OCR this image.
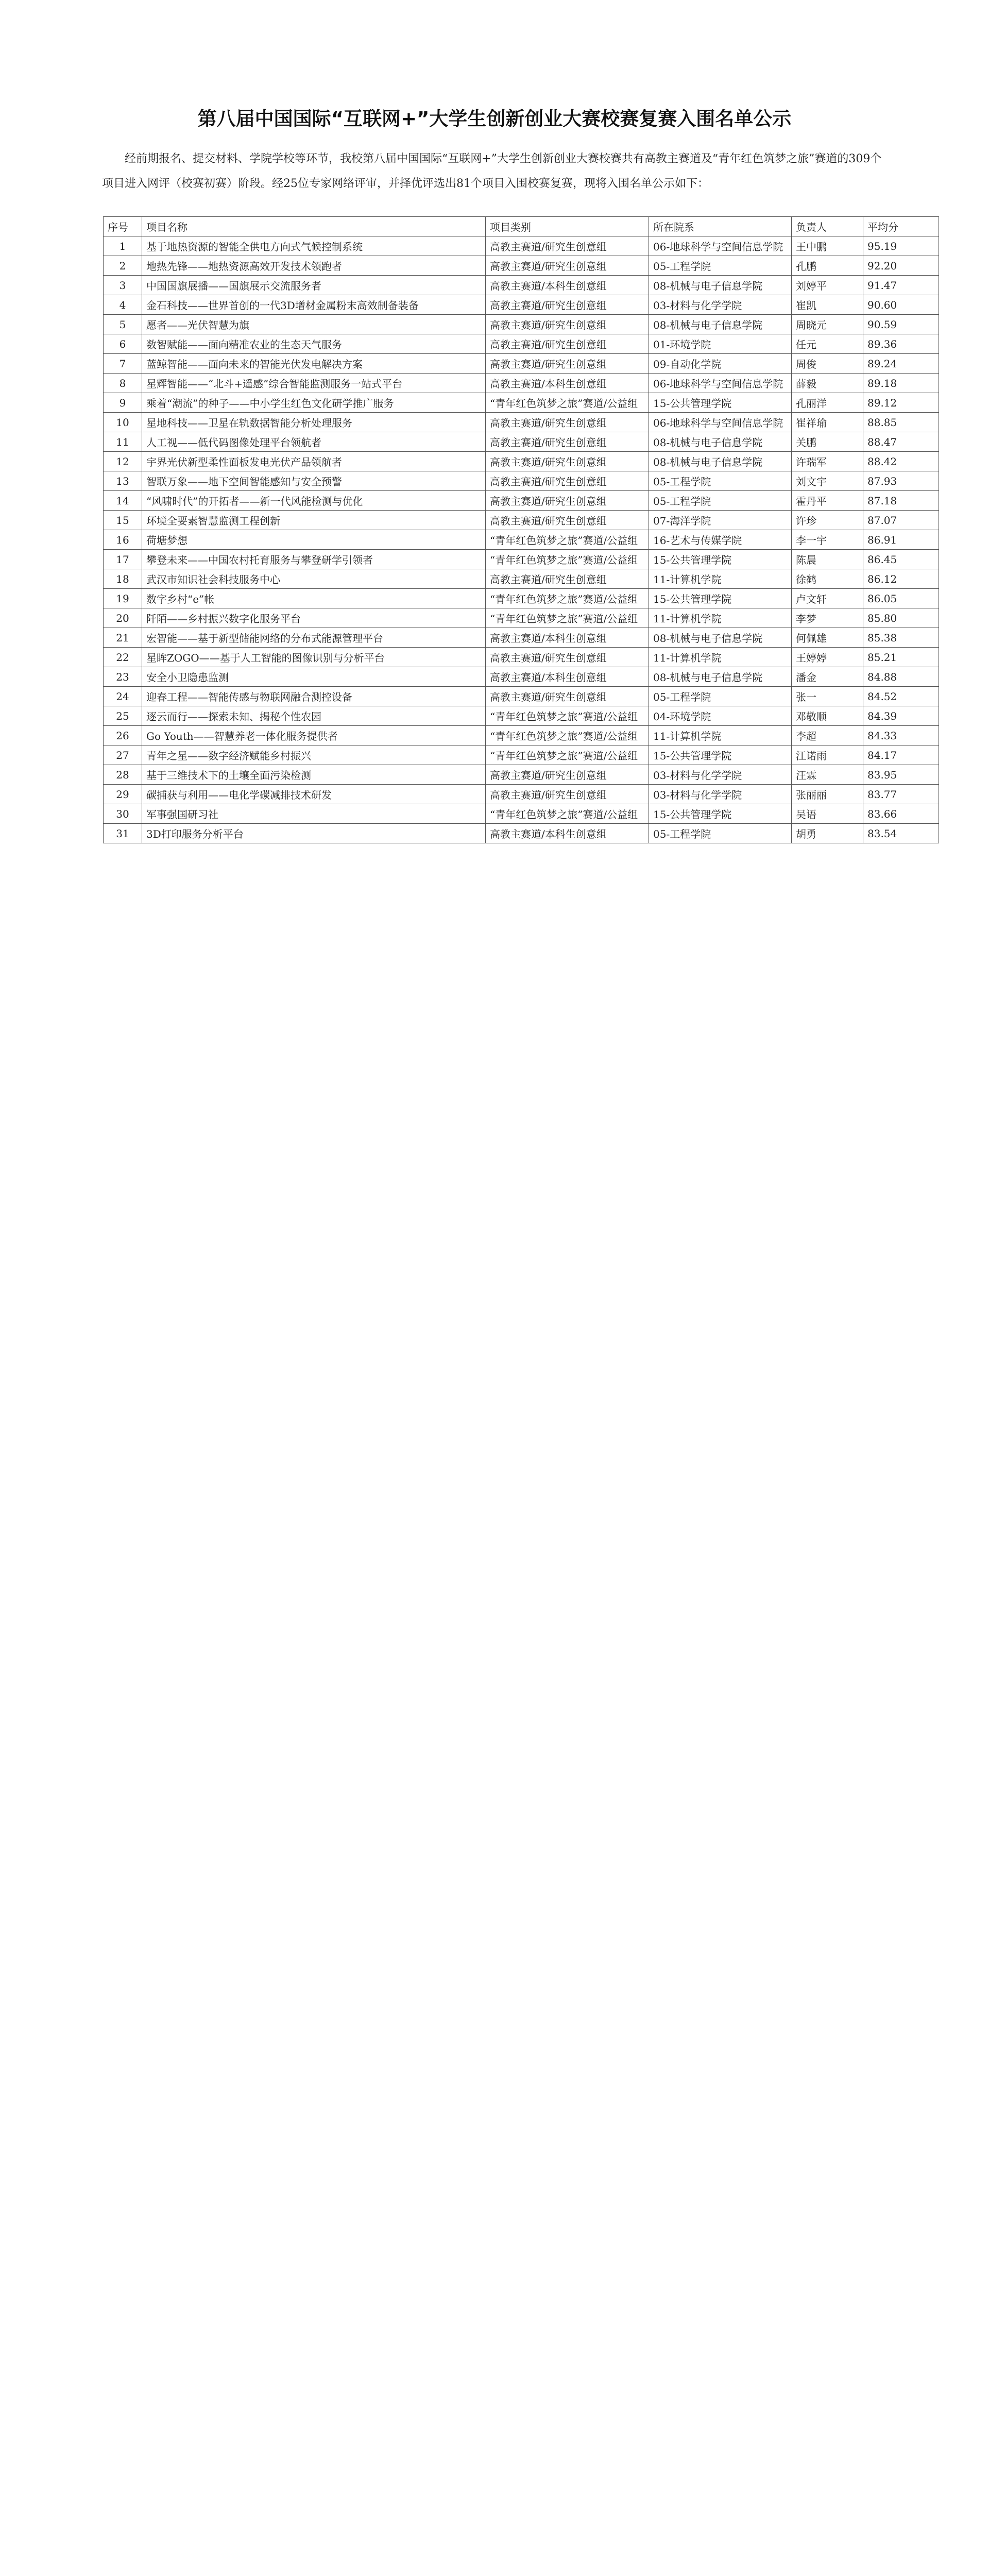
第八届中国国际“互联网+”大学生创新创业大赛校赛复赛入围名单公示
经前期报名、提交材料、学院学校等环节，我校第八届中国国际“互联网+”大学生创新创业大赛校赛共有高教主赛道及“青年红色筑梦之旅”赛道的309个项目进入网评（校赛初赛）阶段。经25位专家网络评审，并择优评选出81个项目入围校赛复赛，现将入围名单公示如下：
序号	项目名称	项目类别	所在院系	负责人	平均分
1	基于地热资源的智能全供电方向式气候控制系统	高教主赛道/研究生创意组	06-地球科学与空间信息学院	王中鹏	95.19
2	地热先锋——地热资源高效开发技术领跑者	高教主赛道/研究生创意组	05-工程学院	孔鹏	92.20
3	中国国旗展播——国旗展示交流服务者	高教主赛道/本科生创意组	08-机械与电子信息学院	刘婷平	91.47
4	金石科技——世界首创的一代3D增材金属粉末高效制备装备	高教主赛道/研究生创意组	03-材料与化学学院	崔凯	90.60
5	愿者——光伏智慧为旗	高教主赛道/研究生创意组	08-机械与电子信息学院	周晓元	90.59
6	数智赋能——面向精准农业的生态天气服务	高教主赛道/研究生创意组	01-环境学院	任元	89.36
7	蓝鲸智能——面向未来的智能光伏发电解决方案	高教主赛道/研究生创意组	09-自动化学院	周俊	89.24
8	星辉智能——“北斗+遥感”综合智能监测服务一站式平台	高教主赛道/本科生创意组	06-地球科学与空间信息学院	薛毅	89.18
9	乘着“潮流”的种子——中小学生红色文化研学推广服务	“青年红色筑梦之旅”赛道/公益组	15-公共管理学院	孔丽洋	89.12
10	星地科技——卫星在轨数据智能分析处理服务	高教主赛道/研究生创意组	06-地球科学与空间信息学院	崔祥瑜	88.85
11	人工视——低代码图像处理平台领航者	高教主赛道/研究生创意组	08-机械与电子信息学院	关鹏	88.47
12	宇界光伏新型柔性面板发电光伏产品领航者	高教主赛道/研究生创意组	08-机械与电子信息学院	许瑞军	88.42
13	智联万象——地下空间智能感知与安全预警	高教主赛道/研究生创意组	05-工程学院	刘文宇	87.93
14	“风啸时代”的开拓者——新一代风能检测与优化	高教主赛道/研究生创意组	05-工程学院	霍丹平	87.18
15	环境全要素智慧监测工程创新	高教主赛道/研究生创意组	07-海洋学院	许珍	87.07
16	荷塘梦想	“青年红色筑梦之旅”赛道/公益组	16-艺术与传媒学院	李一宇	86.91
17	攀登未来——中国农村托育服务与攀登研学引领者	“青年红色筑梦之旅”赛道/公益组	15-公共管理学院	陈晨	86.45
18	武汉市知识社会科技服务中心	高教主赛道/研究生创意组	11-计算机学院	徐鹤	86.12
19	数字乡村“e”帐	“青年红色筑梦之旅”赛道/公益组	15-公共管理学院	卢文轩	86.05
20	阡陌——乡村振兴数字化服务平台	“青年红色筑梦之旅”赛道/公益组	11-计算机学院	李梦	85.80
21	宏智能——基于新型储能网络的分布式能源管理平台	高教主赛道/本科生创意组	08-机械与电子信息学院	何佩雄	85.38
22	星眸ZOGO——基于人工智能的图像识别与分析平台	高教主赛道/研究生创意组	11-计算机学院	王婷婷	85.21
23	安全小卫隐患监测	高教主赛道/本科生创意组	08-机械与电子信息学院	潘金	84.88
24	迎春工程——智能传感与物联网融合测控设备	高教主赛道/研究生创意组	05-工程学院	张一	84.52
25	逐云而行——探索未知、揭秘个性农园	“青年红色筑梦之旅”赛道/公益组	04-环境学院	邓敬顺	84.39
26	Go Youth——智慧养老一体化服务提供者	“青年红色筑梦之旅”赛道/公益组	11-计算机学院	李超	84.33
27	青年之星——数字经济赋能乡村振兴	“青年红色筑梦之旅”赛道/公益组	15-公共管理学院	江诺雨	84.17
28	基于三维技术下的土壤全面污染检测	高教主赛道/研究生创意组	03-材料与化学学院	汪霖	83.95
29	碳捕获与利用——电化学碳减排技术研发	高教主赛道/研究生创意组	03-材料与化学学院	张丽丽	83.77
30	军事强国研习社	“青年红色筑梦之旅”赛道/公益组	15-公共管理学院	吴语	83.66
31	3D打印服务分析平台	高教主赛道/本科生创意组	05-工程学院	胡勇	83.54
